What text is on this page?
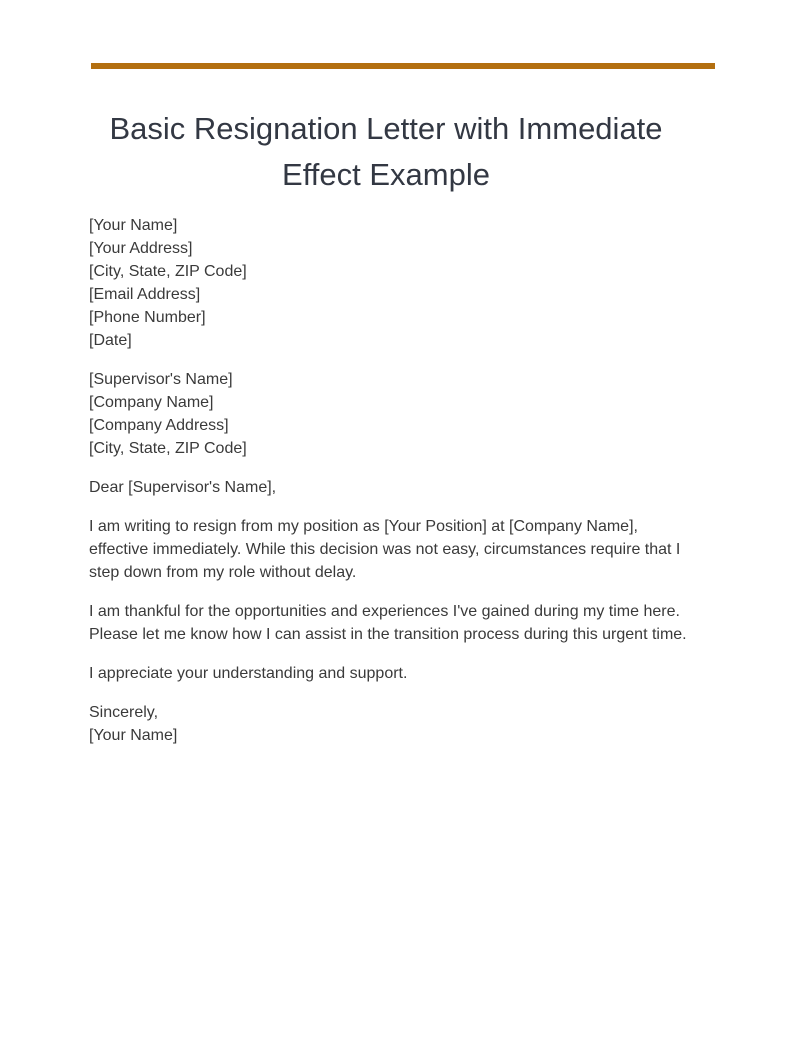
Basic Resignation Letter with Immediate
Effect Example
[Your Name]
[Your Address]
[City, State, ZIP Code]
[Email Address]
[Phone Number]
[Date]
[Supervisor's Name]
[Company Name]
[Company Address]
[City, State, ZIP Code]

Dear [Supervisor's Name],

I am writing to resign from my position as [Your Position] at [Company Name], effective immediately. While this decision was not easy, circumstances require that I step down from my role without delay.

I am thankful for the opportunities and experiences I've gained during my time here. Please let me know how I can assist in the transition process during this urgent time.

I appreciate your understanding and support.

Sincerely,
[Your Name]
